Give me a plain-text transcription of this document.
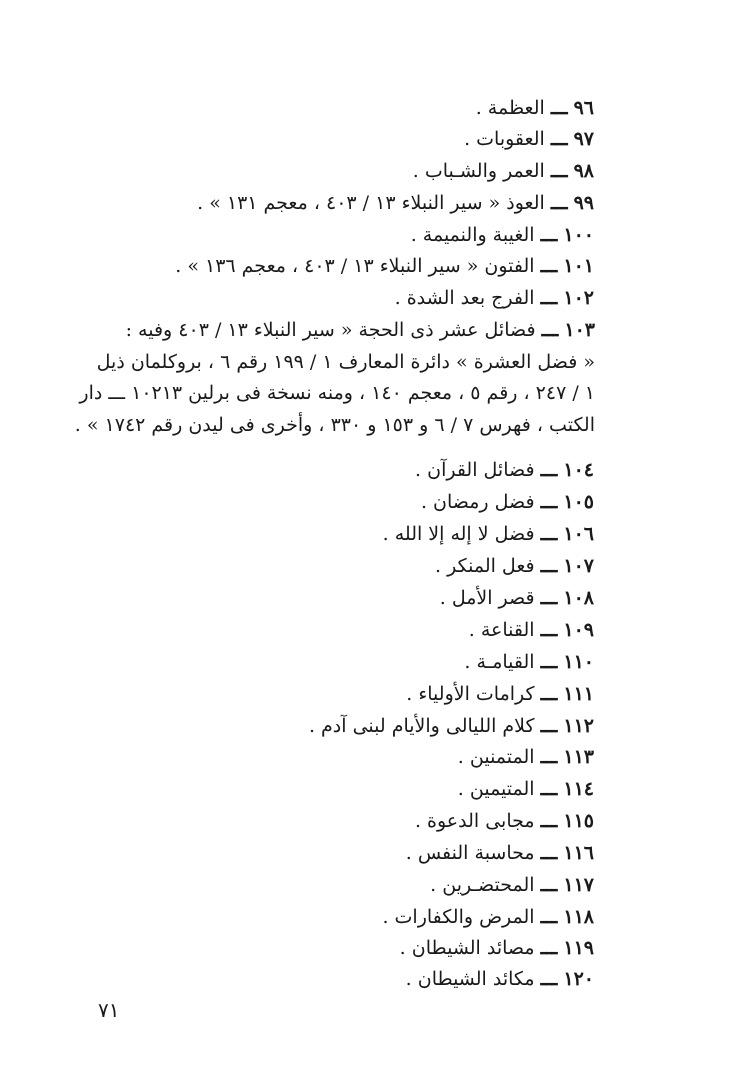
٩٦ ـــ العظمة .
٩٧ ـــ العقوبات .
٩٨ ـــ العمر والشـباب .
٩٩ ـــ العوذ « سير النبلاء ١٣ / ٤٠٣ ، معجم ١٣١ » .
١٠٠ ـــ الغيبة والنميمة .
١٠١ ـــ الفتون « سير النبلاء ١٣ / ٤٠٣ ، معجم ١٣٦ » .
١٠٢ ـــ الفرج بعد الشدة .
١٠٣ ـــ فضائل عشر ذى الحجة « سير النبلاء ١٣ / ٤٠٣ وفيه :
« فضل العشرة » دائرة المعارف ١ / ١٩٩ رقم ٦ ، بروكلمان ذيل
١ / ٢٤٧ ، رقم ٥ ، معجم ١٤٠ ، ومنه نسخة فى برلين ١٠٢١٣ ـــ دار
الكتب ، فهرس ٧ / ٦ و ١٥٣ و ٣٣٠ ، وأخرى فى ليدن رقم ١٧٤٢ » .
١٠٤ ـــ فضائل القرآن .
١٠٥ ـــ فضل رمضان .
١٠٦ ـــ فضل لا إله إلا الله .
١٠٧ ـــ فعل المنكر .
١٠٨ ـــ قصر الأمل .
١٠٩ ـــ القناعة .
١١٠ ـــ القيامـة .
١١١ ـــ كرامات الأولياء .
١١٢ ـــ كلام الليالى والأيام لبنى آدم .
١١٣ ـــ المتمنين .
١١٤ ـــ المتيمين .
١١٥ ـــ مجابى الدعوة .
١١٦ ـــ محاسبة النفس .
١١٧ ـــ المحتضـرين .
١١٨ ـــ المرض والكفارات .
١١٩ ـــ مصائد الشيطان .
١٢٠ ـــ مكائد الشيطان .
٧١
